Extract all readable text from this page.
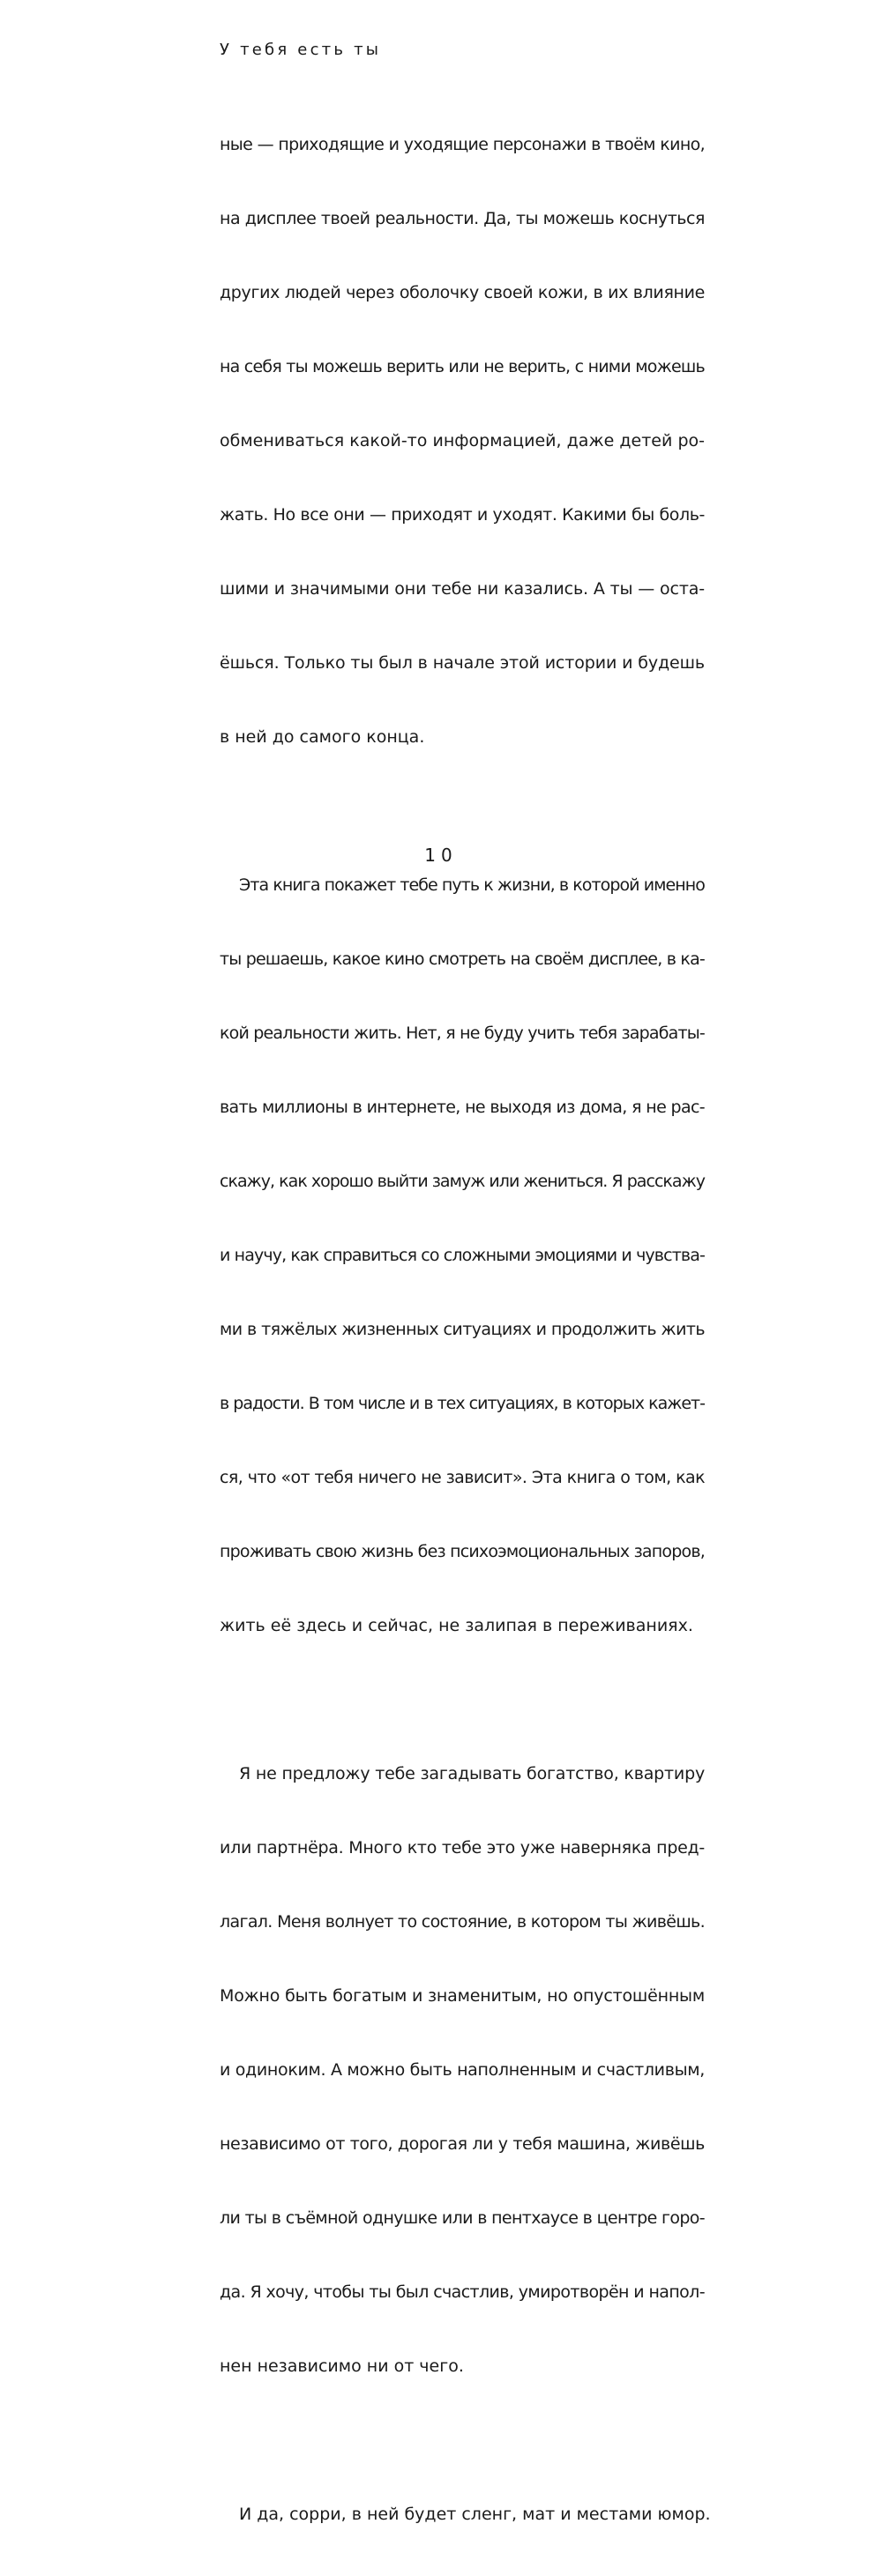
У тебя есть ты

ные — приходящие и уходящие персонажи в твоём кино,

на дисплее твоей реальности. Да, ты можешь коснуться

других людей через оболочку своей кожи, в их влияние

на себя ты можешь верить или не верить, с ними можешь

обмениваться какой-то информацией, даже детей ро-

жать. Но все они — приходят и уходят. Какими бы боль-

шими и значимыми они тебе ни казались. А ты — оста-

ёшься. Только ты был в начале этой истории и будешь

в ней до самого конца.

Эта книга покажет тебе путь к жизни, в которой именно

ты решаешь, какое кино смотреть на своём дисплее, в ка-

кой реальности жить. Нет, я не буду учить тебя зарабаты-

вать миллионы в интернете, не выходя из дома, я не рас-

скажу, как хорошо выйти замуж или жениться. Я расскажу

и научу, как справиться со сложными эмоциями и чувства-

ми в тяжёлых жизненных ситуациях и продолжить жить

в радости. В том числе и в тех ситуациях, в которых кажет-

ся, что «от тебя ничего не зависит». Эта книга о том, как

проживать свою жизнь без психоэмоциональных запоров,

жить её здесь и сейчас, не залипая в переживаниях.

Я не предложу тебе загадывать богатство, квартиру

или партнёра. Много кто тебе это уже наверняка пред-

лагал. Меня волнует то состояние, в котором ты живёшь.

Можно быть богатым и знаменитым, но опустошённым

и одиноким. А можно быть наполненным и счастливым,

независимо от того, дорогая ли у тебя машина, живёшь

ли ты в съёмной однушке или в пентхаусе в центре горо-

да. Я хочу, чтобы ты был счастлив, умиротворён и напол-

нен независимо ни от чего.

И да, сорри, в ней будет сленг, мат и местами юмор.

10
